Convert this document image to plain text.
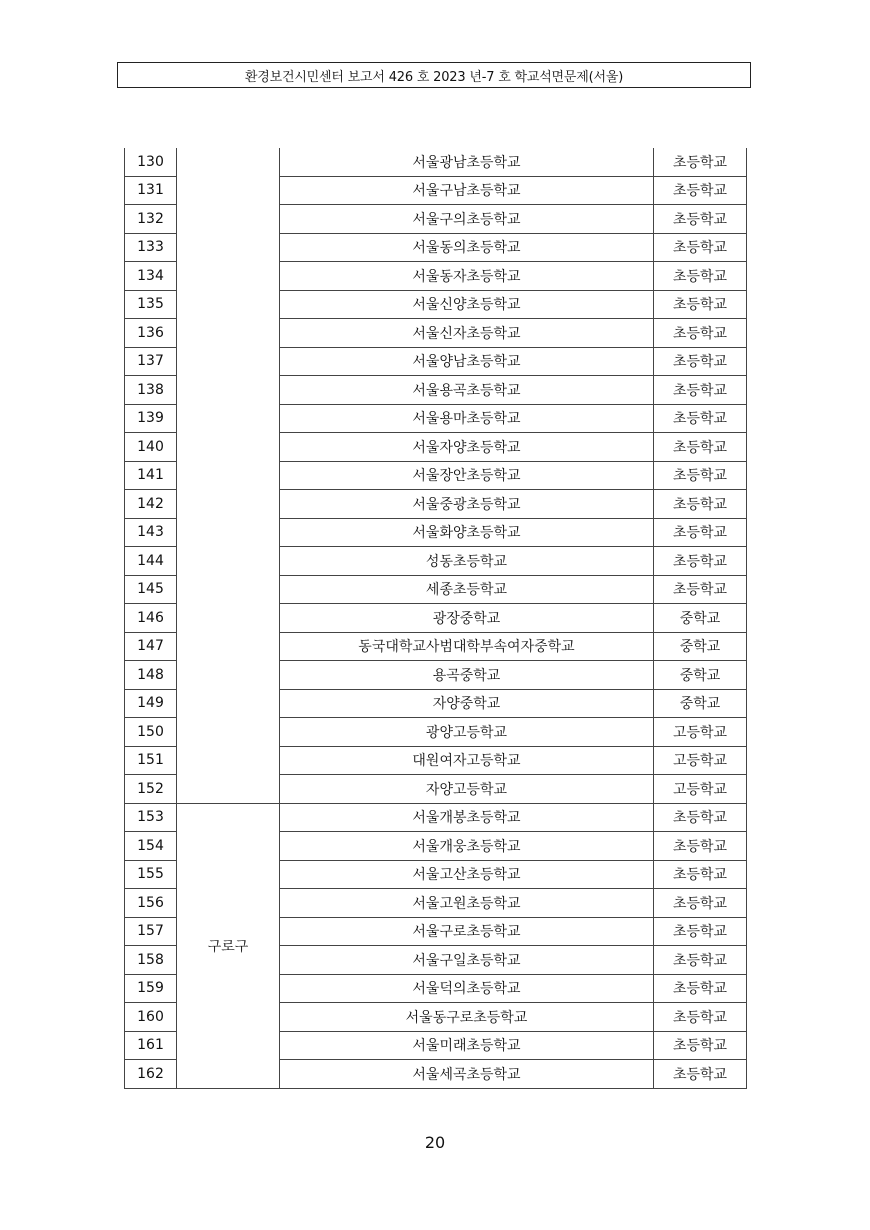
환경보건시민센터 보고서 426 호 2023 년-7 호 학교석면문제(서울)
130		서울광남초등학교	초등학교
131		서울구남초등학교	초등학교
132		서울구의초등학교	초등학교
133		서울동의초등학교	초등학교
134		서울동자초등학교	초등학교
135		서울신양초등학교	초등학교
136		서울신자초등학교	초등학교
137		서울양남초등학교	초등학교
138		서울용곡초등학교	초등학교
139		서울용마초등학교	초등학교
140		서울자양초등학교	초등학교
141		서울장안초등학교	초등학교
142		서울중광초등학교	초등학교
143		서울화양초등학교	초등학교
144		성동초등학교	초등학교
145		세종초등학교	초등학교
146		광장중학교	중학교
147		동국대학교사범대학부속여자중학교	중학교
148		용곡중학교	중학교
149		자양중학교	중학교
150		광양고등학교	고등학교
151		대원여자고등학교	고등학교
152		자양고등학교	고등학교
153	구로구	서울개봉초등학교	초등학교
154		서울개웅초등학교	초등학교
155		서울고산초등학교	초등학교
156		서울고원초등학교	초등학교
157		서울구로초등학교	초등학교
158		서울구일초등학교	초등학교
159		서울덕의초등학교	초등학교
160		서울동구로초등학교	초등학교
161		서울미래초등학교	초등학교
162		서울세곡초등학교	초등학교
20
